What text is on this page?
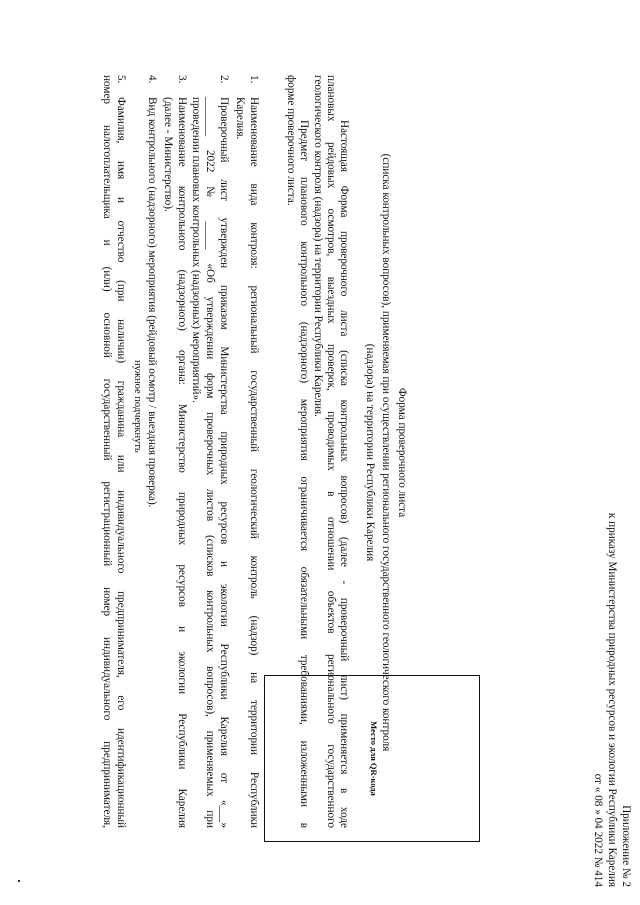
Приложение № 2
к приказу Министерства природных ресурсов и экологии Республики Карелия
от « 08 » 04 2022 № 414
Место для QR-кода
Форма проверочного листа
(списка контрольных вопросов), применяемая при осуществлении регионального государственного геологического контроля
(надзора) на территории Республики Карелия
Настоящая Форма проверочного листа (списка контрольных вопросов) (далее - проверочный лист) применяется в ходе
плановых рейдовых осмотров, выездных проверок, проводимых в отношении объектов регионального государственного
геологического контроля (надзора) на территории Республики Карелия.
Предмет планового контрольного (надзорного) мероприятия ограничивается обязательными требованиями, изложенными в
форме проверочного листа.
1.
Наименование вида контроля: региональный государственный геологический контроль (надзор) на территории Республики
Карелия.
2.
Проверочный лист утвержден приказом Министерства природных ресурсов и экологии Республики Карелия от «___»
_______ 2022 № _____ «Об утверждении форм проверочных листов (списков контрольных вопросов), применяемых при
проведении плановых контрольных (надзорных) мероприятий».
3.
Наименование контрольного (надзорного) органа: Министерство природных ресурсов и экологии Республики Карелия
(далее - Министерство).
4.
Вид контрольного (надзорного) мероприятия (рейдовый осмотр / выездная проверка).
нужное подчеркнуть
5.
Фамилия, имя и отчество (при наличии) гражданина или индивидуального предпринимателя, его идентификационный
номер налогоплательщика и (или) основной государственный регистрационный номер индивидуального предпринимателя,
